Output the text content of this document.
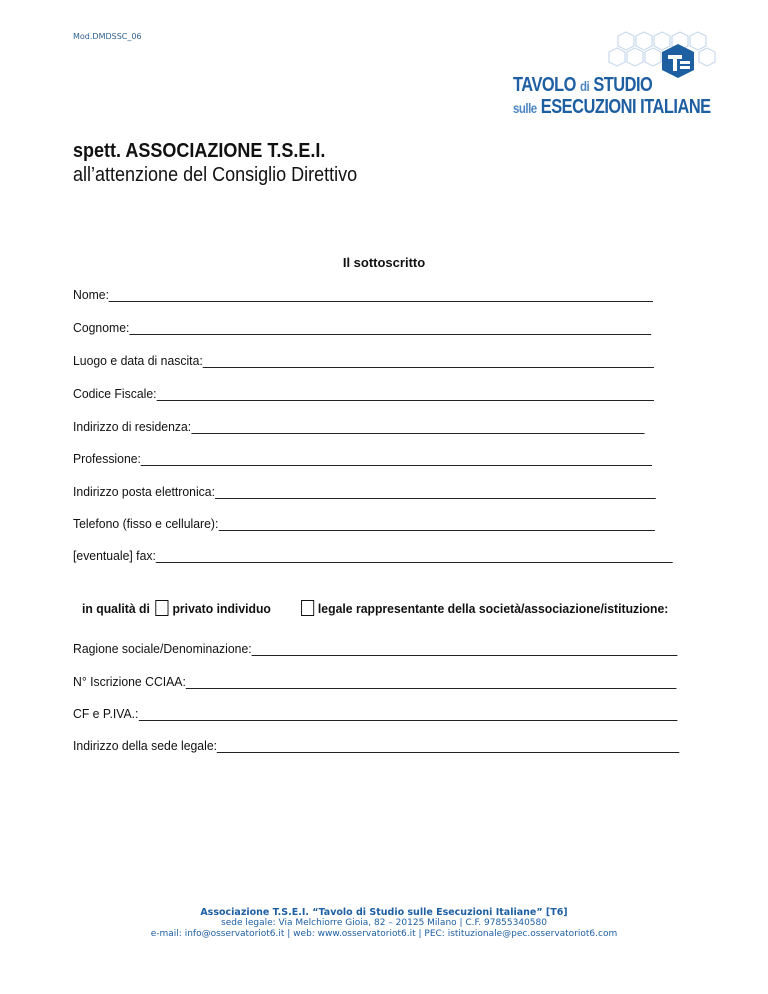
Mod.DMDSSC_06
TAVOLO di STUDIO
sulle ESECUZIONI ITALIANE
spett. ASSOCIAZIONE T.S.E.I.
all’attenzione del Consiglio Direttivo
Il sottoscritto
Nome:
Cognome:
Luogo e data di nascita:
Codice Fiscale:
Indirizzo di residenza:
Professione:
Indirizzo posta elettronica:
Telefono (fisso e cellulare):
[eventuale] fax:
in qualità di privato individuo	legale rappresentante della società/associazione/istituzione:
Ragione sociale/Denominazione:
N° Iscrizione CCIAA:
CF e P.IVA.:
Indirizzo della sede legale:
Associazione T.S.E.I. “Tavolo di Studio sulle Esecuzioni Italiane” [T6]
sede legale: Via Melchiorre Gioia, 82 – 20125 Milano | C.F. 97855340580
e-mail: info@osservatoriot6.it | web: www.osservatoriot6.it | PEC: istituzionale@pec.osservatoriot6.com
